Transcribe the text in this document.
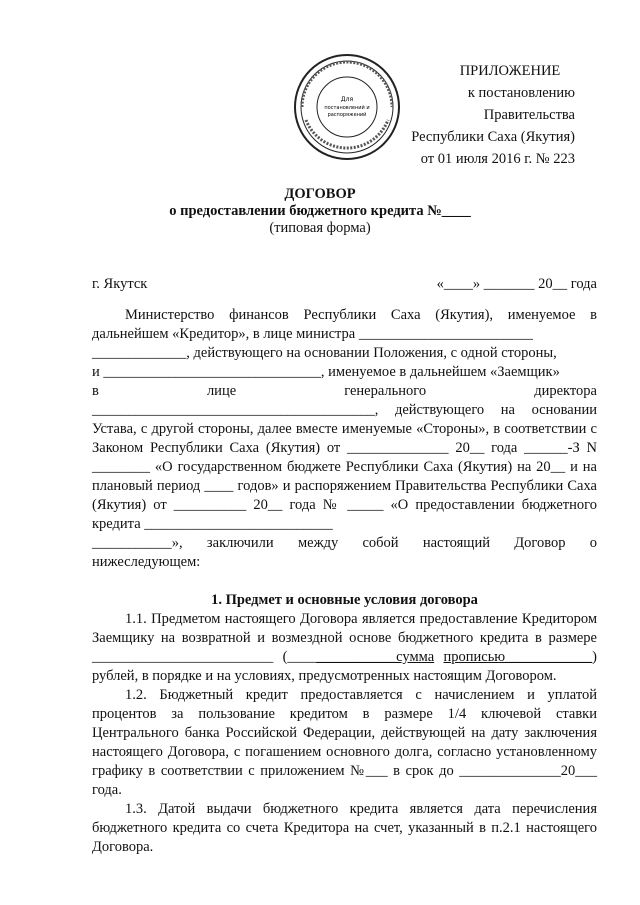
Для
постановлений и
распоряжений
ПРИЛОЖЕНИЕ
к постановлению Правительства
Республики Саха (Якутия)
от 01 июля 2016 г. № 223
ДОГОВОР
о предоставлении бюджетного кредита №____
(типовая форма)
г. Якутск	«____» _______ 20__ года

Министерство финансов Республики Саха (Якутия), именуемое в дальнейшем «Кредитор», в лице министра ________________________

_____________, действующего на основании Положения, с одной стороны,

и ______________________________, именуемое в дальнейшем «Заемщик»

в лице генерального директора

_______________________________________, действующего на основании Устава, с другой стороны, далее вместе именуемые «Стороны», в соответствии с Законом Республики Саха (Якутия) от ______________ 20__ года ______-З N ________ «О государственном бюджете Республики Саха (Якутия) на 20__ и на плановый период ____ годов» и распоряжением Правительства Республики Саха (Якутия) от __________ 20__ года № _____ «О предоставлении бюджетного кредита __________________________

___________», заключили между собой настоящий Договор о

нижеследующем:

1. Предмет и основные условия договора

1.1. Предметом настоящего Договора является предоставление Кредитором Заемщику на возвратной и возмездной основе бюджетного кредита в размере _________________________ (_______________сумма прописью____________) рублей, в порядке и на условиях, предусмотренных настоящим Договором.

1.2. Бюджетный кредит предоставляется с начислением и уплатой процентов за пользование кредитом в размере 1/4 ключевой ставки Центрального банка Российской Федерации, действующей на дату заключения настоящего Договора, с погашением основного долга, согласно установленному графику в соответствии с приложением №___ в срок до ______________20___ года.

1.3. Датой выдачи бюджетного кредита является дата перечисления бюджетного кредита со счета Кредитора на счет, указанный в п.2.1 настоящего Договора.
